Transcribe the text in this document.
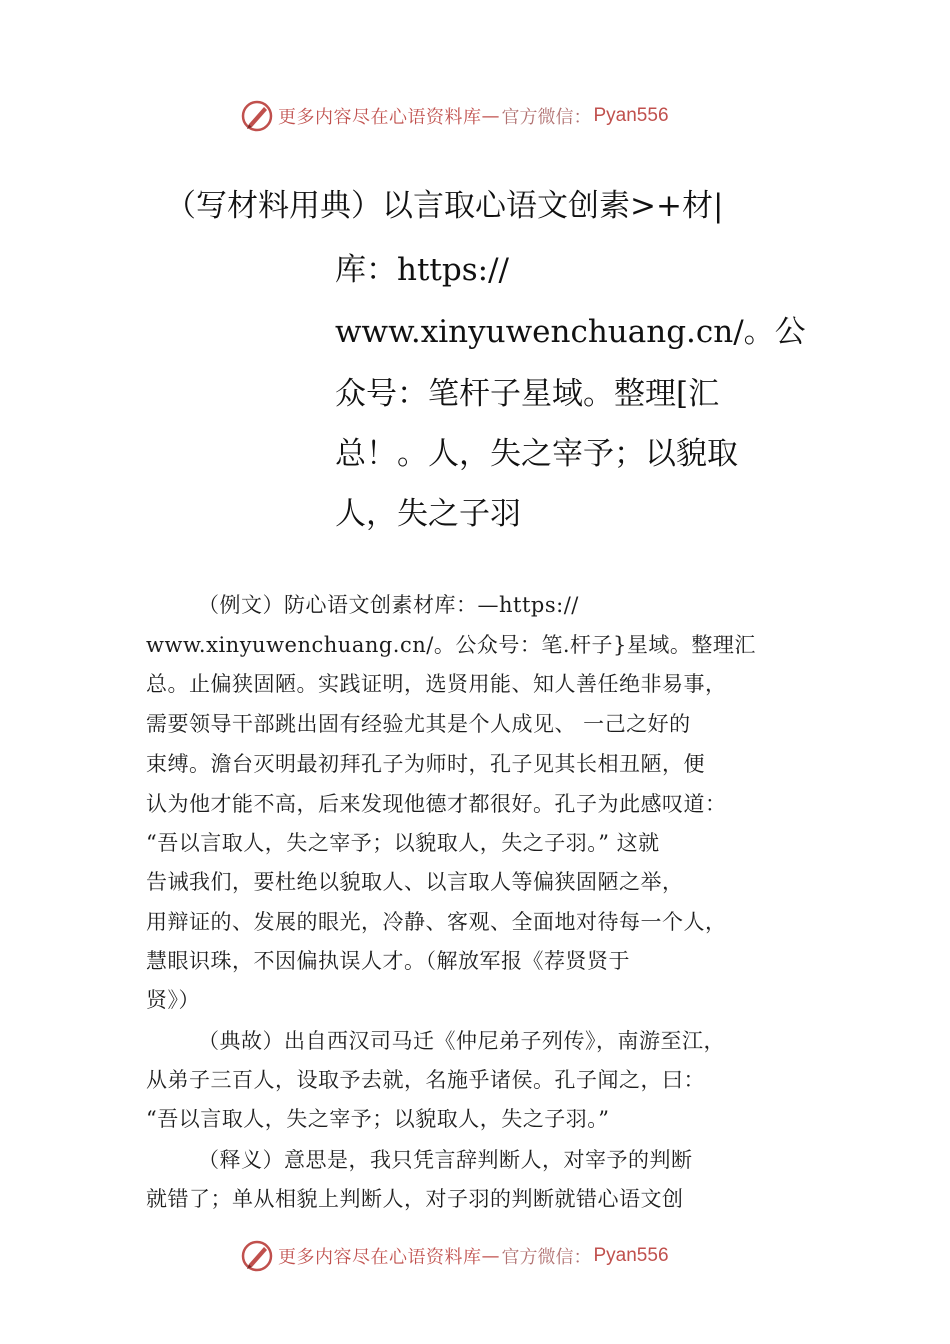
更多内容尽在心语资料库 — 官方微信： Pyan556
（写材料用典）以言取心语文创素>+材|
库：https://
www.xinyuwenchuang.cn/。公
众号：笔杆子星域。整理[汇
总！。人，失之宰予；以貌取
人，失之子羽
（例文）防心语文创素材库：—https://
www.xinyuwenchuang.cn/。公众号：笔.杆子}星域。整理汇
总。止偏狭固陋。实践证明，选贤用能、知人善任绝非易事，
需要领导干部跳出固有经验尤其是个人成见、 一己之好的
束缚。澹台灭明最初拜孔子为师时，孔子见其长相丑陋，便
认为他才能不高，后来发现他德才都很好。孔子为此感叹道：
“吾以言取人，失之宰予；以貌取人，失之子羽。” 这就
告诫我们，要杜绝以貌取人、以言取人等偏狭固陋之举，
用辩证的、发展的眼光，冷静、客观、全面地对待每一个人，
慧眼识珠，不因偏执误人才。（解放军报《荐贤贤于
贤》）
（典故）出自西汉司马迁《仲尼弟子列传》，南游至江，
从弟子三百人，设取予去就，名施乎诸侯。孔子闻之，曰：
“吾以言取人，失之宰予；以貌取人，失之子羽。”
（释义）意思是，我只凭言辞判断人，对宰予的判断
就错了；单从相貌上判断人，对子羽的判断就错心语文创
更多内容尽在心语资料库 — 官方微信： Pyan556
